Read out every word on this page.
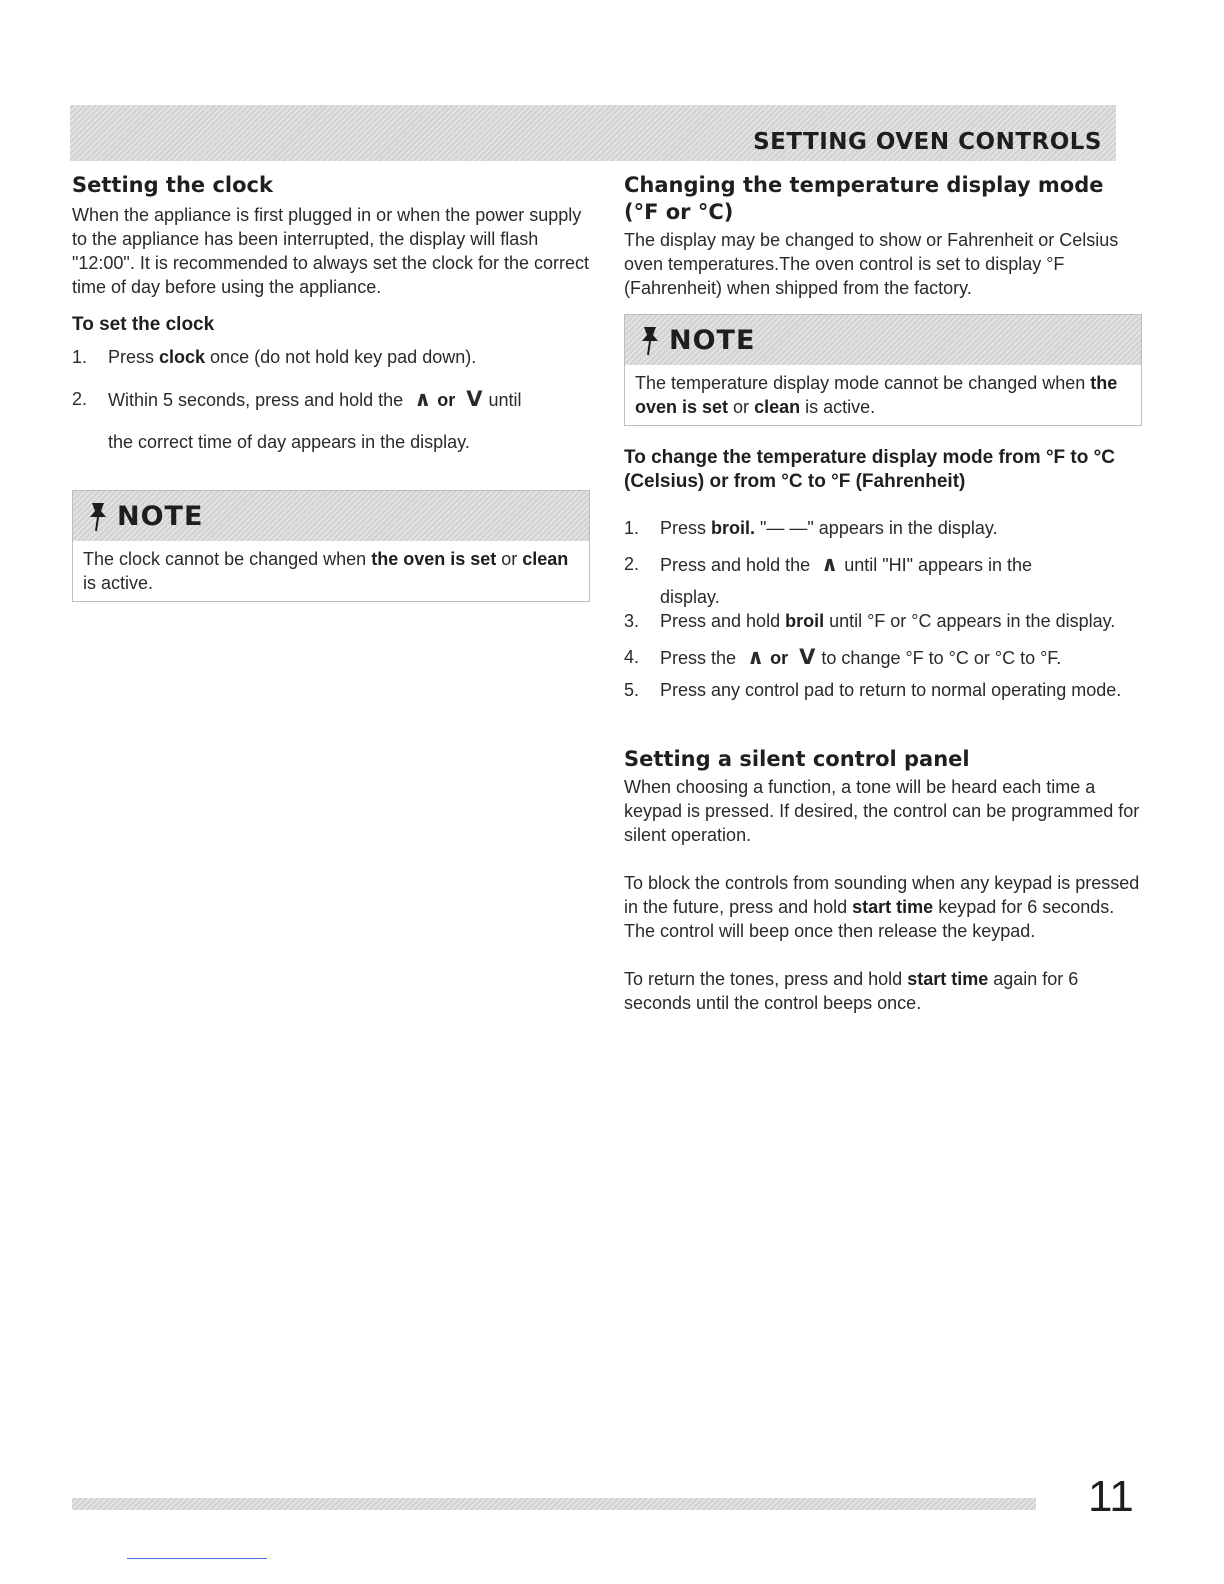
SETTING OVEN CONTROLS
Setting the clock

When the appliance is first plugged in or when the power supply to the appliance has been interrupted, the display will flash "12:00". It is recommended to always set the clock for the correct time of day before using the appliance.

To set the clock
1. Press clock once (do not hold key pad down).
2. Within 5 seconds, press and hold the ∧ or V until
the correct time of day appears in the display.
NOTE
The clock cannot be changed when the oven is set or clean is active.
Changing the temperature display mode (°F or °C)

The display may be changed to show or Fahrenheit or Celsius oven temperatures.The oven control is set to display °F (Fahrenheit) when shipped from the factory.

NOTE
The temperature display mode cannot be changed when the oven is set or clean is active.
To change the temperature display mode from °F to °C (Celsius) or from °C to °F (Fahrenheit)
1. Press broil. "— —" appears in the display.
2. Press and hold the ∧ until "HI" appears in the
display.
3. Press and hold broil until °F or °C appears in the display.
4. Press the ∧ or V to change °F to °C or °C to °F.
5. Press any control pad to return to normal operating mode.
Setting a silent control panel

When choosing a function, a tone will be heard each time a keypad is pressed. If desired, the control can be programmed for silent operation.

To block the controls from sounding when any keypad is pressed in the future, press and hold start time keypad for 6 seconds. The control will beep once then release the keypad.

To return the tones, press and hold start time again for 6 seconds until the control beeps once.

11
